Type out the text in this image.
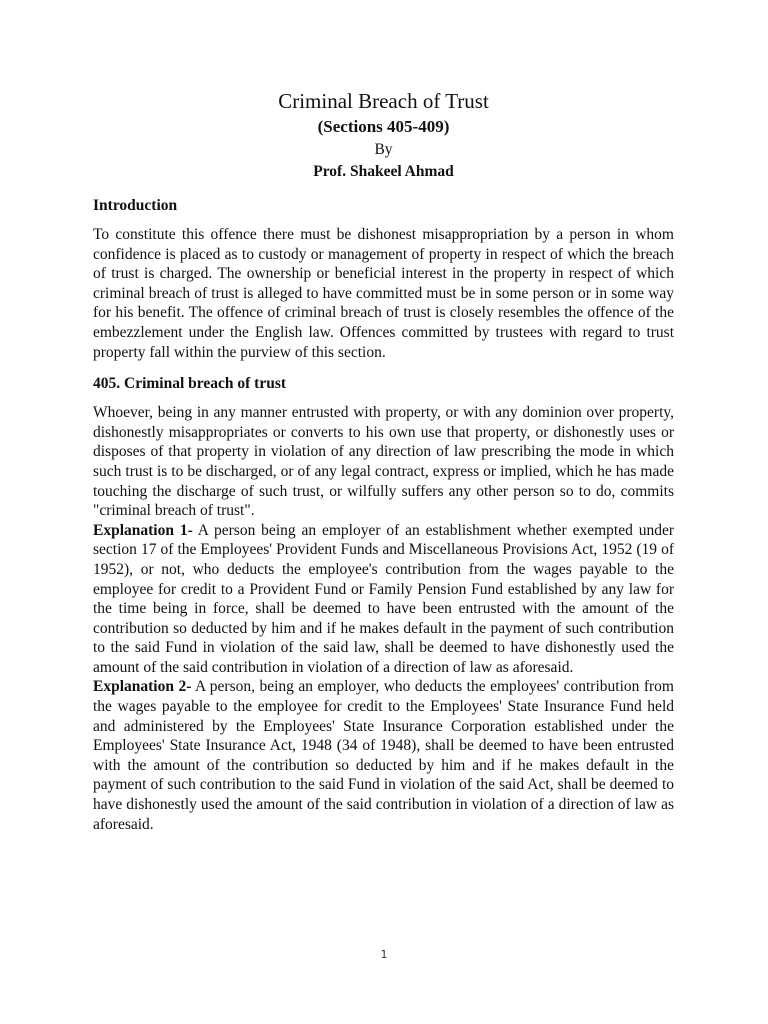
Criminal Breach of Trust

(Sections 405-409)

By

Prof. Shakeel Ahmad

Introduction

To constitute this offence there must be dishonest misappropriation by a person in whom confidence is placed as to custody or management of property in respect of which the breach of trust is charged. The ownership or beneficial interest in the property in respect of which criminal breach of trust is alleged to have committed must be in some person or in some way for his benefit. The offence of criminal breach of trust is closely resembles the offence of the embezzlement under the English law. Offences committed by trustees with regard to trust property fall within the purview of this section.

405. Criminal breach of trust

Whoever, being in any manner entrusted with property, or with any dominion over property, dishonestly misappropriates or converts to his own use that property, or dishonestly uses or disposes of that property in violation of any direction of law prescribing the mode in which such trust is to be discharged, or of any legal contract, express or implied, which he has made touching the discharge of such trust, or wilfully suffers any other person so to do, commits "criminal breach of trust".

Explanation 1- A person being an employer of an establishment whether exempted under section 17 of the Employees' Provident Funds and Miscellaneous Provisions Act, 1952 (19 of 1952), or not, who deducts the employee's contribution from the wages payable to the employee for credit to a Provident Fund or Family Pension Fund established by any law for the time being in force, shall be deemed to have been entrusted with the amount of the contribution so deducted by him and if he makes default in the payment of such contribution to the said Fund in violation of the said law, shall be deemed to have dishonestly used the amount of the said contribution in violation of a direction of law as aforesaid.

Explanation 2- A person, being an employer, who deducts the employees' contribution from the wages payable to the employee for credit to the Employees' State Insurance Fund held and administered by the Employees' State Insurance Corporation established under the Employees' State Insurance Act, 1948 (34 of 1948), shall be deemed to have been entrusted with the amount of the contribution so deducted by him and if he makes default in the payment of such contribution to the said Fund in violation of the said Act, shall be deemed to have dishonestly used the amount of the said contribution in violation of a direction of law as aforesaid.

1
